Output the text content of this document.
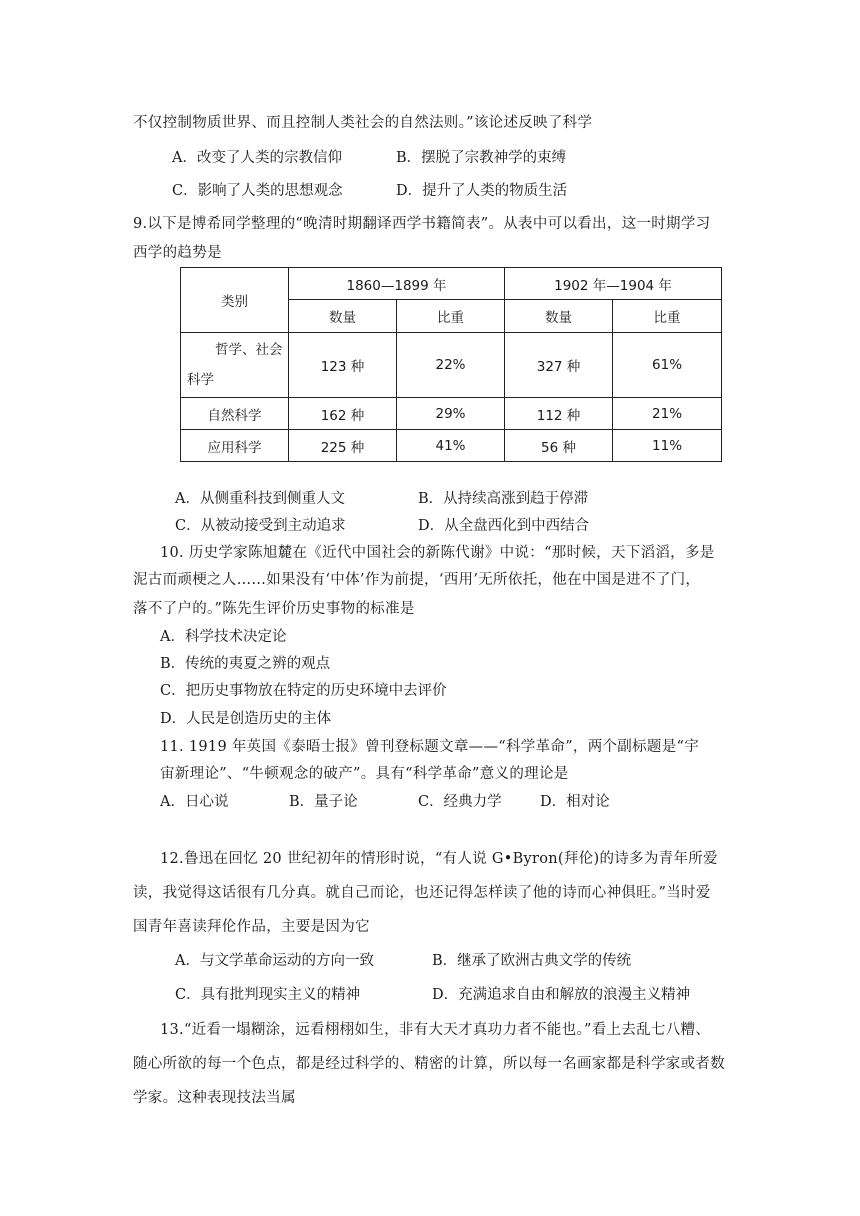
不仅控制物质世界、而且控制人类社会的自然法则。”该论述反映了科学
A．改变了人类的宗教信仰	B．摆脱了宗教神学的束缚
C．影响了人类的思想观念	D．提升了人类的物质生活
9.以下是博希同学整理的“晚清时期翻译西学书籍简表”。从表中可以看出，这一时期学习
西学的趋势是
类别	1860—1899 年		1902 年—1904 年	
	数量	比重	数量	比重

哲学、社会
科学	123 种	22%	327 种	61%
自然科学	162 种	29%	112 种	21%
应用科学	225 种	41%	56 种	11%
A．从侧重科技到侧重人文	B．从持续高涨到趋于停滞
C．从被动接受到主动追求	D．从全盘西化到中西结合
10. 历史学家陈旭麓在《近代中国社会的新陈代谢》中说：“那时候，天下滔滔，多是
泥古而顽梗之人……如果没有‘中体’作为前提，‘西用’无所依托，他在中国是进不了门，
落不了户的。”陈先生评价历史事物的标准是
A．科学技术决定论
B．传统的夷夏之辨的观点
C．把历史事物放在特定的历史环境中去评价
D．人民是创造历史的主体
11. 1919 年英国《泰晤士报》曾刊登标题文章——“科学革命”，两个副标题是“宇
宙新理论”、“牛顿观念的破产”。具有“科学革命”意义的理论是
A．日心说	B．量子论	C．经典力学	D．相对论
12.鲁迅在回忆 20 世纪初年的情形时说，“有人说 G•Byron(拜伦)的诗多为青年所爱
读，我觉得这话很有几分真。就自己而论，也还记得怎样读了他的诗而心神俱旺。”当时爱
国青年喜读拜伦作品，主要是因为它
A．与文学革命运动的方向一致	B．继承了欧洲古典文学的传统
C．具有批判现实主义的精神	D．充满追求自由和解放的浪漫主义精神
13.“近看一塌糊涂，远看栩栩如生，非有大天才真功力者不能也。”看上去乱七八糟、
随心所欲的每一个色点，都是经过科学的、精密的计算，所以每一名画家都是科学家或者数
学家。这种表现技法当属
